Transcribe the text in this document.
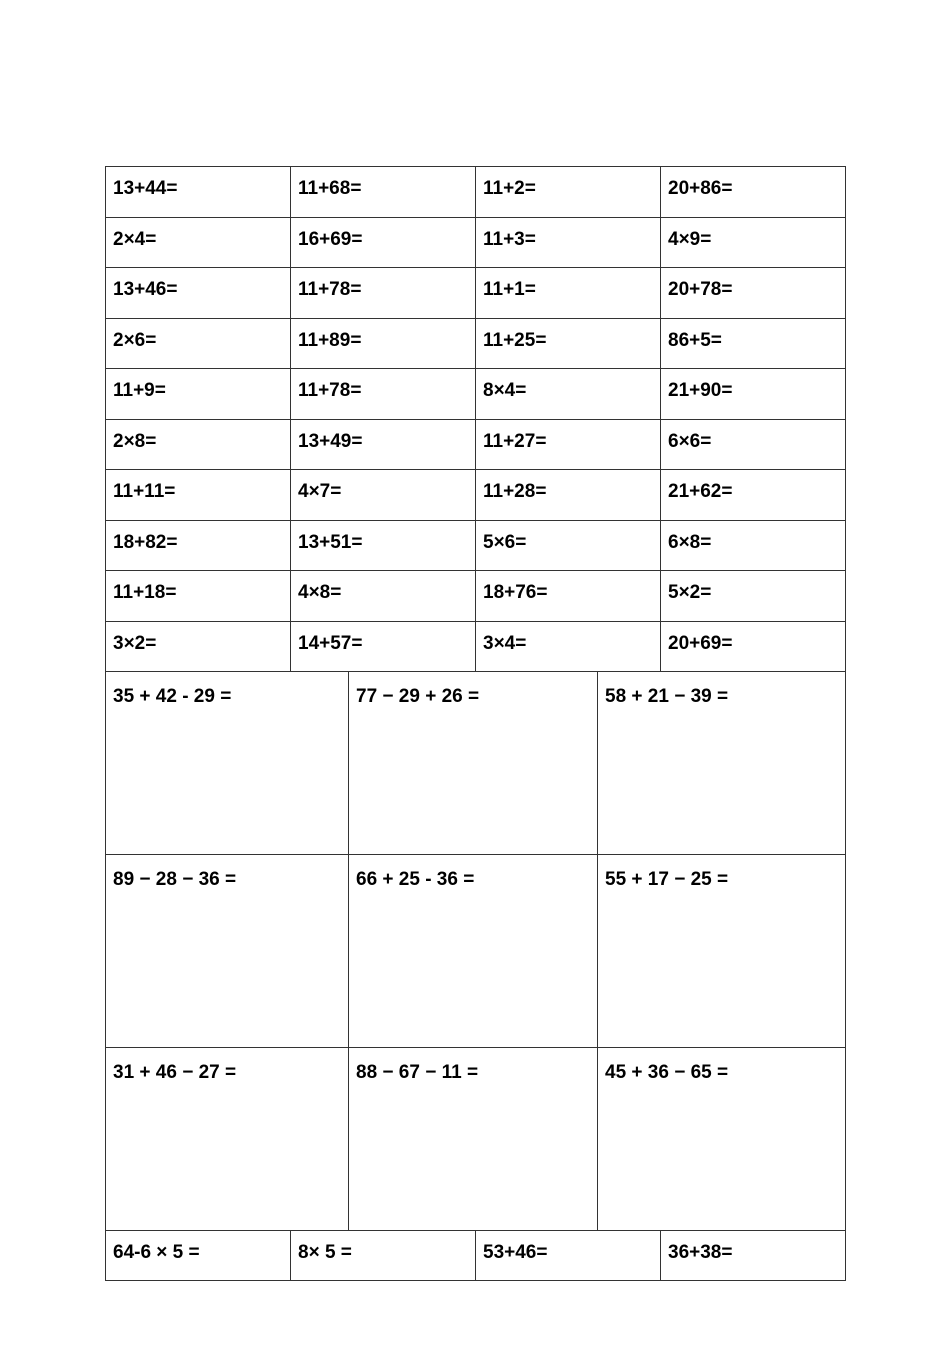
13+44=	11+68=	11+2=	20+86=
2×4=	16+69=	11+3=	4×9=
13+46=	11+78=	11+1=	20+78=
2×6=	11+89=	11+25=	86+5=
11+9=	11+78=	8×4=	21+90=
2×8=	13+49=	11+27=	6×6=
11+11=	4×7=	11+28=	21+62=
18+82=	13+51=	5×6=	6×8=
11+18=	4×8=	18+76=	5×2=
3×2=	14+57=	3×4=	20+69=
35 + 42 - 29 =	77 − 29 + 26 =	58 + 21 − 39 =
89 − 28 − 36 =	66 + 25 - 36 =	55 + 17 − 25 =
31 + 46 − 27 =	88 − 67 − 11 =	45 + 36 − 65 =
64-6 × 5 =	8× 5 =	53+46=	36+38=
